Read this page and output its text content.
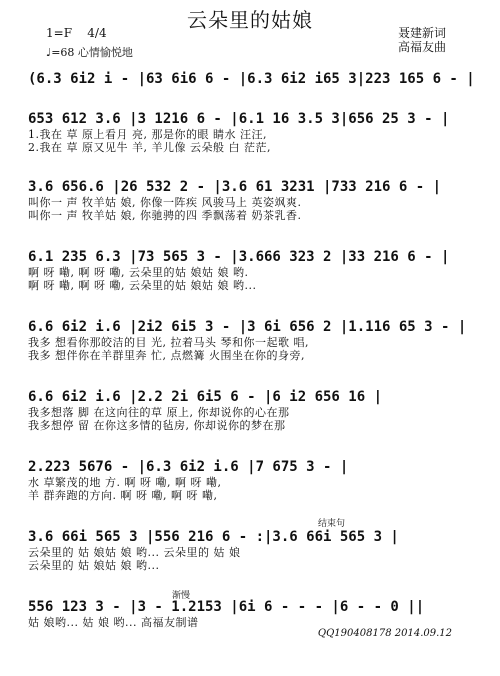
云朵里的姑娘
1=F 4/4
♩=68 心情愉悦地
聂建新词
高福友曲
(6.3 6i2 i - |63 6i6 6 - |6.3 6i2 i65 3|223 165 6 - |
653 612 3.6 |3 1216 6 - |6.1 16 3.5 3|656 25 3 - |
1.我在 草 原上看月 亮, 那是你的眼 睛水 汪汪,
2.我在 草 原又见牛 羊, 羊儿像 云朵般 白 茫茫,
3.6 656.6 |26 532 2 - |3.6 61 3231 |733 216 6 - |
叫你一 声 牧羊姑 娘, 你像一阵疾 风骏马上 英姿飒爽.
叫你一 声 牧羊姑 娘, 你驰骋的四 季飘荡着 奶茶乳香.
6.1 235 6.3 |73 565 3 - |3.666 323 2 |33 216 6 - |
啊 呀 嘞, 啊 呀 嘞, 云朵里的姑 娘姑 娘 哟.
啊 呀 嘞, 啊 呀 嘞, 云朵里的姑 娘姑 娘 哟...
6.6 6i2 i.6 |2i2 6i5 3 - |3 6i 656 2 |1.116 65 3 - |
我多 想看你那皎洁的目 光, 拉着马头 琴和你一起歌 唱,
我多 想伴你在羊群里奔 忙, 点燃篝 火围坐在你的身旁,
6.6 6i2 i.6 |2.2 2i 6i5 6 - |6 i2 656 16 |
我多想落 脚 在这向往的草 原上, 你却说你的心在那
我多想停 留 在你这多情的毡房, 你却说你的梦在那
2.223 5676 - |6.3 6i2 i.6 |7 675 3 - |
水 草繁茂的地 方. 啊 呀 嘞, 啊 呀 嘞,
羊 群奔跑的方向. 啊 呀 嘞, 啊 呀 嘞,
结束句
3.6 66i 565 3 |556 216 6 - :|3.6 66i 565 3 |
云朵里的 姑 娘姑 娘 哟... 云朵里的 姑 娘
云朵里的 姑 娘姑 娘 哟...
渐慢
556 123 3 - |3 - 1.2153 |6i 6 - - - |6 - - 0 ||
姑 娘哟... 姑 娘 哟... 高福友制谱
QQ190408178 2014.09.12
